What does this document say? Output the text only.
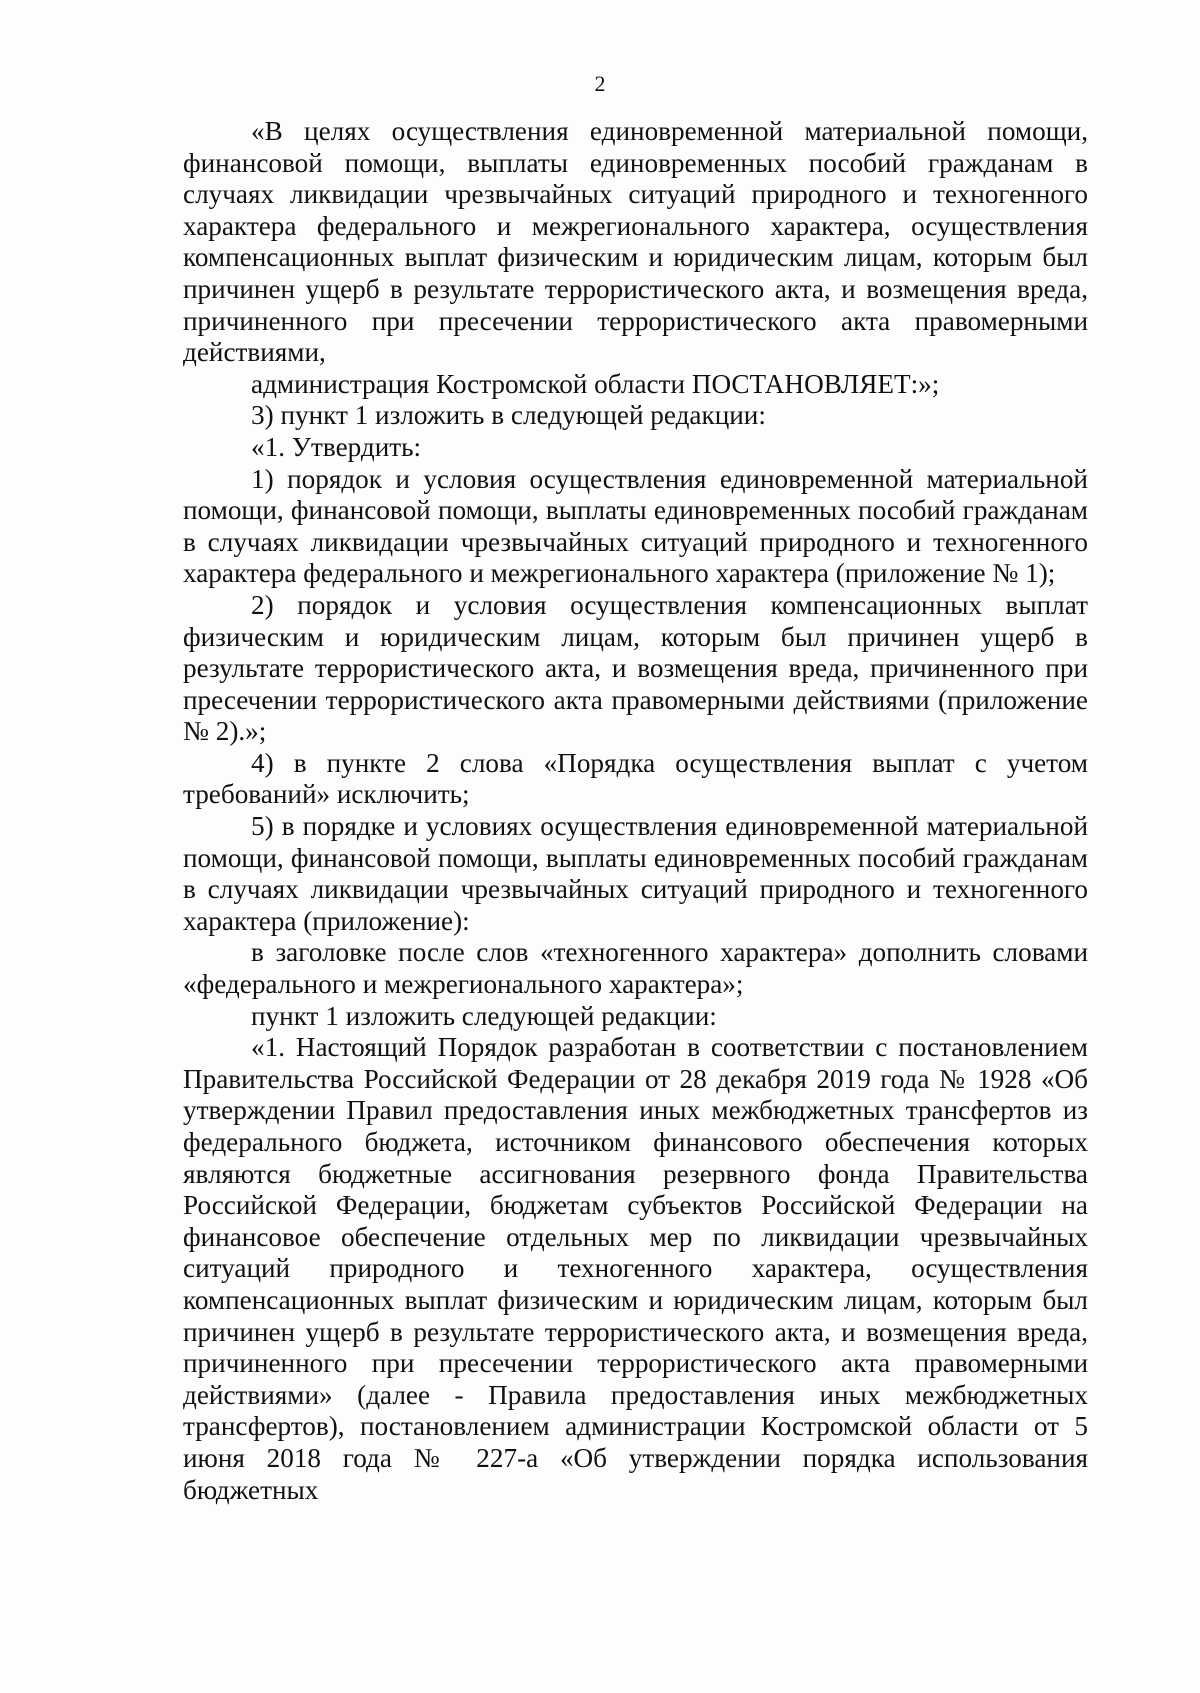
2

«В целях осуществления единовременной материальной помощи, финансовой помощи, выплаты единовременных пособий гражданам в случаях ликвидации чрезвычайных ситуаций природного и техногенного характера федерального и межрегионального характера, осуществления компенсационных выплат физическим и юридическим лицам, которым был причинен ущерб в результате террористического акта, и возмещения вреда, причиненного при пресечении террористического акта правомерными действиями,

администрация Костромской области ПОСТАНОВЛЯЕТ:»;

3) пункт 1 изложить в следующей редакции:

«1. Утвердить:

1) порядок и условия осуществления единовременной материальной помощи, финансовой помощи, выплаты единовременных пособий гражданам в случаях ликвидации чрезвычайных ситуаций природного и техногенного характера федерального и межрегионального характера (приложение № 1);

2) порядок и условия осуществления компенсационных выплат физическим и юридическим лицам, которым был причинен ущерб в результате террористического акта, и возмещения вреда, причиненного при пресечении террористического акта правомерными действиями (приложение № 2).»;

4) в пункте 2 слова «Порядка осуществления выплат с учетом требований» исключить;

5) в порядке и условиях осуществления единовременной материальной помощи, финансовой помощи, выплаты единовременных пособий гражданам в случаях ликвидации чрезвычайных ситуаций природного и техногенного характера (приложение):

в заголовке после слов «техногенного характера» дополнить словами «федерального и межрегионального характера»;

пункт 1 изложить следующей редакции:

«1. Настоящий Порядок разработан в соответствии с постановлением Правительства Российской Федерации от 28 декабря 2019 года № 1928 «Об утверждении Правил предоставления иных межбюджетных трансфертов из федерального бюджета, источником финансового обеспечения которых являются бюджетные ассигнования резервного фонда Правительства Российской Федерации, бюджетам субъектов Российской Федерации на финансовое обеспечение отдельных мер по ликвидации чрезвычайных ситуаций природного и техногенного характера, осуществления компенсационных выплат физическим и юридическим лицам, которым был причинен ущерб в результате террористического акта, и возмещения вреда, причиненного при пресечении террористического акта правомерными действиями» (далее - Правила предоставления иных межбюджетных трансфертов), постановлением администрации Костромской области от 5 июня 2018 года № 227-а «Об утверждении порядка использования бюджетных
